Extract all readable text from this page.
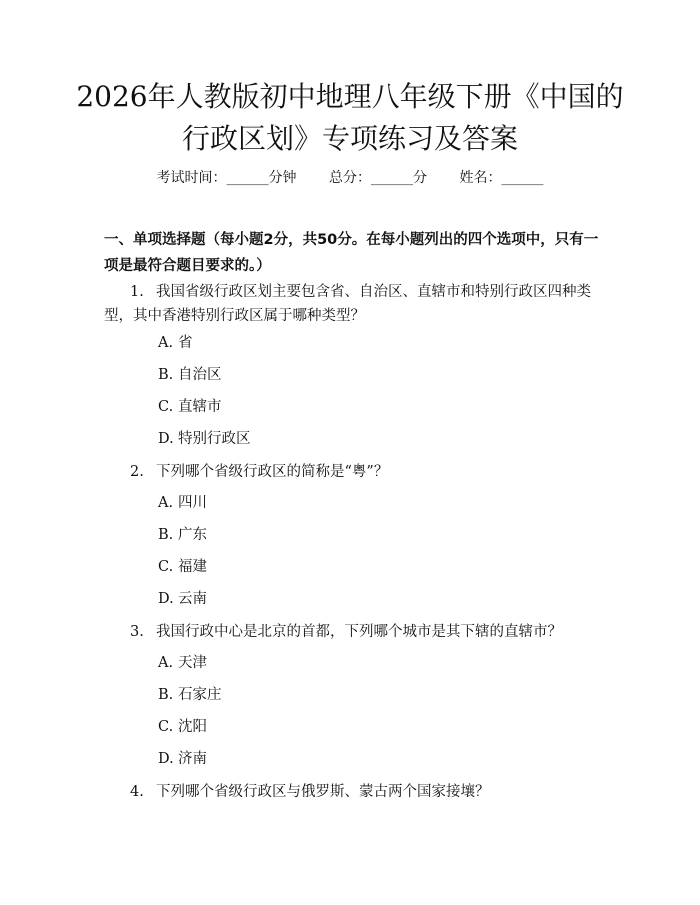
2026年人教版初中地理八年级下册《中国的
行政区划》专项练习及答案
考试时间：______分钟 总分：______分 姓名：______
一、单项选择题（每小题2分，共50分。在每小题列出的四个选项中，只有一项是最符合题目要求的。）
1. 我国省级行政区划主要包含省、自治区、直辖市和特别行政区四种类型，其中香港特别行政区属于哪种类型？
A. 省
B. 自治区
C. 直辖市
D. 特别行政区
2. 下列哪个省级行政区的简称是“粤”？
A. 四川
B. 广东
C. 福建
D. 云南
3. 我国行政中心是北京的首都，下列哪个城市是其下辖的直辖市？
A. 天津
B. 石家庄
C. 沈阳
D. 济南
4. 下列哪个省级行政区与俄罗斯、蒙古两个国家接壤？
